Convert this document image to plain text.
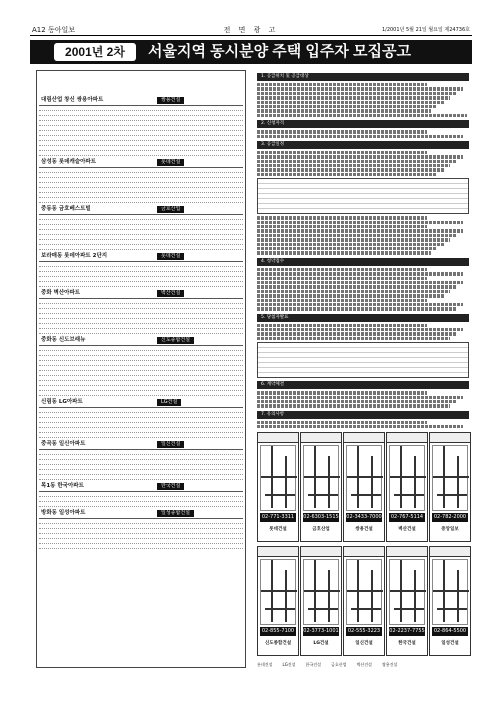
A12 동아일보	전 면 광 고	1/2001년 5월 21일 월요일 제24736호
2001년 2차	서울지역 동시분양 주택 입주자 모집공고
대림산업 창신 쌍용아파트	쌍용건설
삼성동 롯데캐슬아파트	롯데건설
중동동 금호베스트빌	금호산업
보라매동 롯데아파트 2단지	롯데건설
중화 벽산아파트	벽산건설
중화동 신도브래뉴	신도종합건설
신림동 LG아파트	LG건설
중곡동 일신아파트	일신건설
목1동 한국아파트	한국건설
방화동 일성아파트	일성종합건설
1. 공급위치 및 공급대상
2. 신청자격
3. 공급일정
4. 청약접수
5. 당첨자발표
6. 계약체결
7. 유의사항
02-771-3311
롯데건설
02-6303-1515
금호산업
02-3433-7000
쌍용건설
02-767-5114
벽산건설
02-782-2000
중앙일보
02-855-7100
신도종합건설
02-3773-1001
LG건설
02-555-3223
일신건설
02-2237-7755
한국건설
02-864-5500
일성건설
롯데건설	LG건설	한국건설	금호산업	벽산건설	쌍용건설
